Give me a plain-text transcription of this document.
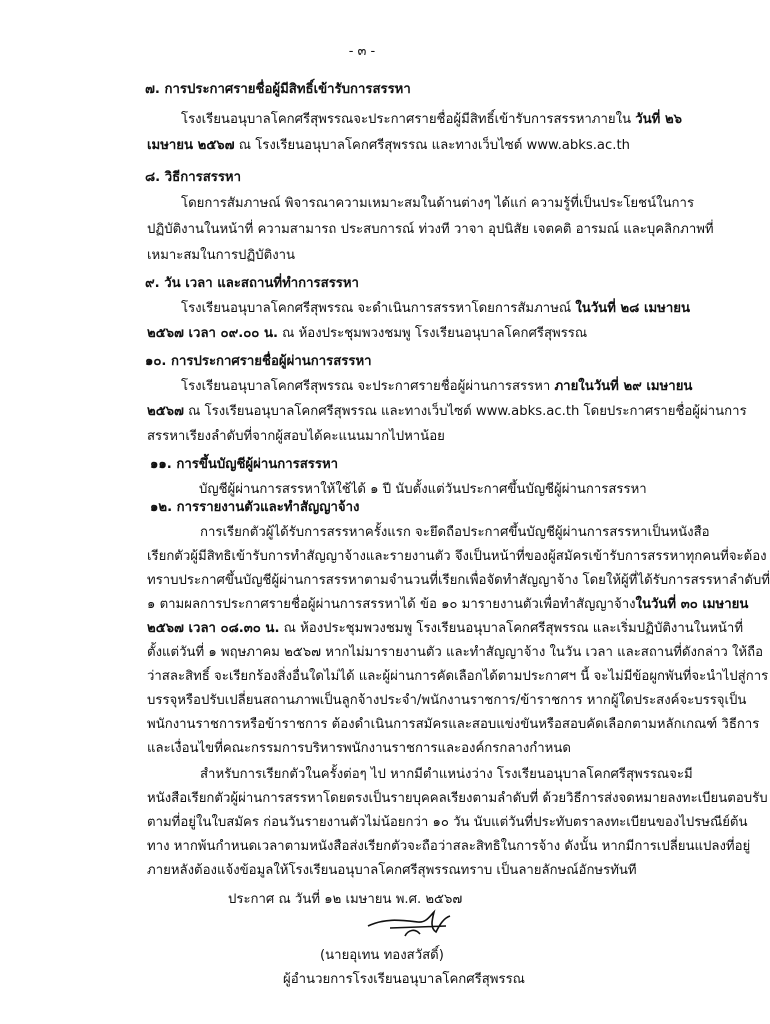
- ๓ -
๗. การประกาศรายชื่อผู้มีสิทธิ์เข้ารับการสรรหา
โรงเรียนอนุบาลโคกศรีสุพรรณจะประกาศรายชื่อผู้มีสิทธิ์เข้ารับการสรรหาภายใน วันที่ ๒๖
เมษายน ๒๕๖๗ ณ โรงเรียนอนุบาลโคกศรีสุพรรณ และทางเว็บไซต์ www.abks.ac.th
๘. วิธีการสรรหา
โดยการสัมภาษณ์ พิจารณาความเหมาะสมในด้านต่างๆ ได้แก่ ความรู้ที่เป็นประโยชน์ในการ
ปฏิบัติงานในหน้าที่ ความสามารถ ประสบการณ์ ท่วงที วาจา อุปนิสัย เจตคติ อารมณ์ และบุคลิกภาพที่
เหมาะสมในการปฏิบัติงาน
๙. วัน เวลา และสถานที่ทำการสรรหา
โรงเรียนอนุบาลโคกศรีสุพรรณ จะดำเนินการสรรหาโดยการสัมภาษณ์ ในวันที่ ๒๘ เมษายน
๒๕๖๗ เวลา ๐๙.๐๐ น. ณ ห้องประชุมพวงชมพู โรงเรียนอนุบาลโคกศรีสุพรรณ
๑๐. การประกาศรายชื่อผู้ผ่านการสรรหา
โรงเรียนอนุบาลโคกศรีสุพรรณ จะประกาศรายชื่อผู้ผ่านการสรรหา ภายในวันที่ ๒๙ เมษายน
๒๕๖๗ ณ โรงเรียนอนุบาลโคกศรีสุพรรณ และทางเว็บไซต์ www.abks.ac.th โดยประกาศรายชื่อผู้ผ่านการ
สรรหาเรียงลำดับที่จากผู้สอบได้คะแนนมากไปหาน้อย
๑๑. การขึ้นบัญชีผู้ผ่านการสรรหา
บัญชีผู้ผ่านการสรรหาให้ใช้ได้ ๑ ปี นับตั้งแต่วันประกาศขึ้นบัญชีผู้ผ่านการสรรหา
๑๒. การรายงานตัวและทำสัญญาจ้าง
การเรียกตัวผู้ได้รับการสรรหาครั้งแรก จะยึดถือประกาศขึ้นบัญชีผู้ผ่านการสรรหาเป็นหนังสือ
เรียกตัวผู้มีสิทธิเข้ารับการทำสัญญาจ้างและรายงานตัว จึงเป็นหน้าที่ของผู้สมัครเข้ารับการสรรหาทุกคนที่จะต้อง
ทราบประกาศขึ้นบัญชีผู้ผ่านการสรรหาตามจำนวนที่เรียกเพื่อจัดทำสัญญาจ้าง โดยให้ผู้ที่ได้รับการสรรหาลำดับที่
๑ ตามผลการประกาศรายชื่อผู้ผ่านการสรรหาได้ ข้อ ๑๐ มารายงานตัวเพื่อทำสัญญาจ้างในวันที่ ๓๐ เมษายน
๒๕๖๗ เวลา ๐๘.๓๐ น. ณ ห้องประชุมพวงชมพู โรงเรียนอนุบาลโคกศรีสุพรรณ และเริ่มปฏิบัติงานในหน้าที่
ตั้งแต่วันที่ ๑ พฤษภาคม ๒๕๖๗ หากไม่มารายงานตัว และทำสัญญาจ้าง ในวัน เวลา และสถานที่ดังกล่าว ให้ถือ
ว่าสละสิทธิ์ จะเรียกร้องสิ่งอื่นใดไม่ได้ และผู้ผ่านการคัดเลือกได้ตามประกาศฯ นี้ จะไม่มีข้อผูกพันที่จะนำไปสู่การ
บรรจุหรือปรับเปลี่ยนสถานภาพเป็นลูกจ้างประจำ/พนักงานราชการ/ข้าราชการ หากผู้ใดประสงค์จะบรรจุเป็น
พนักงานราชการหรือข้าราชการ ต้องดำเนินการสมัครและสอบแข่งขันหรือสอบคัดเลือกตามหลักเกณฑ์ วิธีการ
และเงื่อนไขที่คณะกรรมการบริหารพนักงานราชการและองค์กรกลางกำหนด
สำหรับการเรียกตัวในครั้งต่อๆ ไป หากมีตำแหน่งว่าง โรงเรียนอนุบาลโคกศรีสุพรรณจะมี
หนังสือเรียกตัวผู้ผ่านการสรรหาโดยตรงเป็นรายบุคคลเรียงตามลำดับที่ ด้วยวิธีการส่งจดหมายลงทะเบียนตอบรับ
ตามที่อยู่ในใบสมัคร ก่อนวันรายงานตัวไม่น้อยกว่า ๑๐ วัน นับแต่วันที่ประทับตราลงทะเบียนของไปรษณีย์ต้น
ทาง หากพ้นกำหนดเวลาตามหนังสือส่งเรียกตัวจะถือว่าสละสิทธิในการจ้าง ดังนั้น หากมีการเปลี่ยนแปลงที่อยู่
ภายหลังต้องแจ้งข้อมูลให้โรงเรียนอนุบาลโคกศรีสุพรรณทราบ เป็นลายลักษณ์อักษรทันที
ประกาศ ณ วันที่ ๑๒ เมษายน พ.ศ. ๒๕๖๗
(นายอุเทน ทองสวัสดิ์)
ผู้อำนวยการโรงเรียนอนุบาลโคกศรีสุพรรณ
